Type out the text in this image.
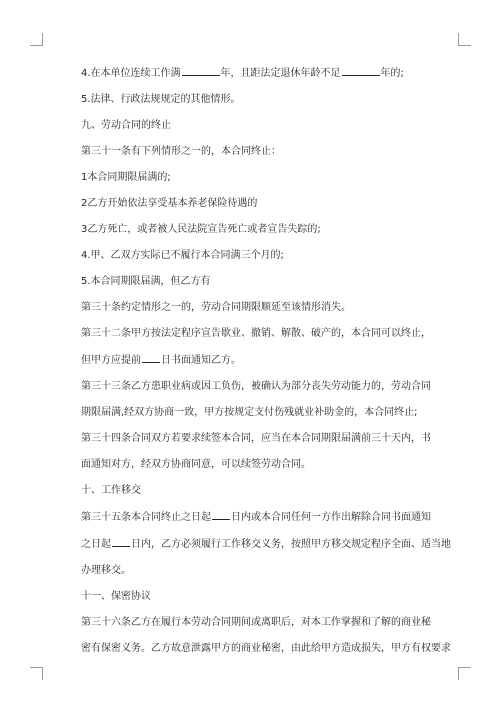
4.在本单位连续工作满	年，且距法定退休年龄不足	年的;

5.法律、行政法规规定的其他情形。

九、劳动合同的终止

第三十一条有下列情形之一的，本合同终止：

1本合同期限届满的;

2乙方开始依法享受基本养老保险待遇的

3乙方死亡，或者被人民法院宣告死亡或者宣告失踪的;

4.甲、乙双方实际已不履行本合同满三个月的;

5.本合同期限届满，但乙方有

第三十条约定情形之一的，劳动合同期限顺延至该情形消失。

第三十二条甲方按法定程序宣告歇业、撤销、解散、破产的，本合同可以终止，

但甲方应提前 日书面通知乙方。

第三十三条乙方患职业病或因工负伤，被确认为部分丧失劳动能力的，劳动合同

期限届满,经双方协商一致，甲方按规定支付伤残就业补助金的，本合同终止;

第三十四条合同双方若要求续签本合同，应当在本合同期限届满前三十天内，书

面通知对方，经双方协商同意，可以续签劳动合同。

十、工作移交

第三十五条本合同终止之日起 日内或本合同任何一方作出解除合同书面通知

之日起 日内，乙方必须履行工作移交义务，按照甲方移交规定程序全面、适当地

办理移交。

十一、保密协议

第三十六条乙方在履行本劳动合同期间或离职后，对本工作掌握和了解的商业秘

密有保密义务。乙方故意泄露甲方的商业秘密，由此给甲方造成损失，甲方有权要求
